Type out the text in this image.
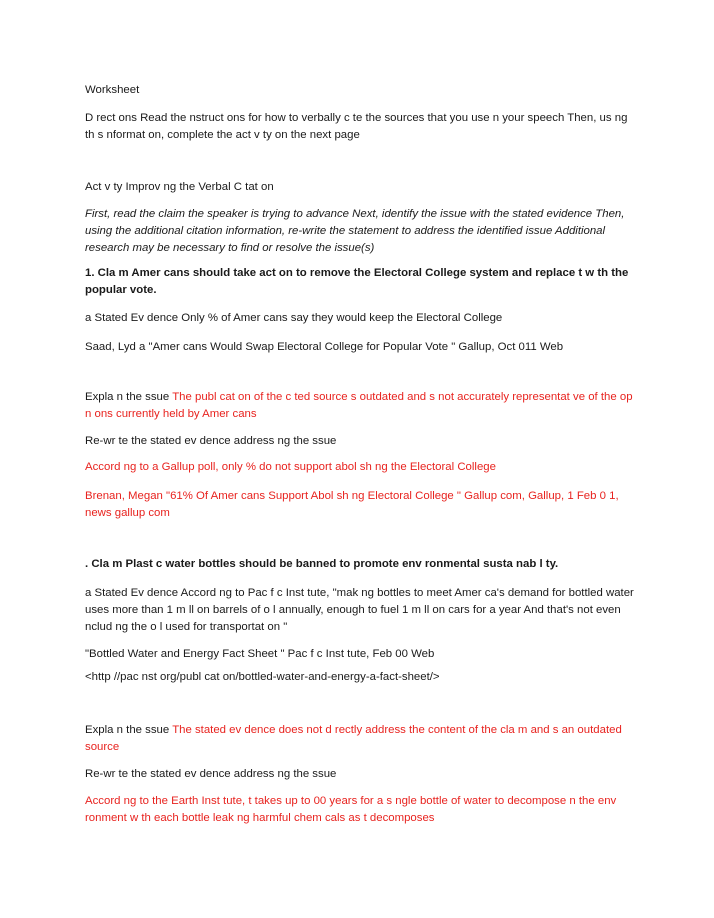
Worksheet
D rect ons Read the nstruct ons for how to verbally c te the sources that you use n your speech Then, us ng th s nformat on, complete the act v ty on the next page
Act v ty Improv ng the Verbal C tat on
First, read the claim the speaker is trying to advance Next, identify the issue with the stated evidence Then, using the additional citation information, re-write the statement to address the identified issue Additional research may be necessary to find or resolve the issue(s)
1. Cla m Amer cans should take act on to remove the Electoral College system and replace t w th the popular vote.
a Stated Ev dence Only % of Amer cans say they would keep the Electoral College
Saad, Lyd a "Amer cans Would Swap Electoral College for Popular Vote " Gallup, Oct 011 Web
Expla n the ssue The publ cat on of the c ted source s outdated and s not accurately representat ve of the op n ons currently held by Amer cans
Re-wr te the stated ev dence address ng the ssue
Accord ng to a Gallup poll, only % do not support abol sh ng the Electoral College
Brenan, Megan "61% Of Amer cans Support Abol sh ng Electoral College " Gallup com, Gallup, 1 Feb 0 1, news gallup com
. Cla m Plast c water bottles should be banned to promote env ronmental susta nab l ty.
a Stated Ev dence Accord ng to Pac f c Inst tute, "mak ng bottles to meet Amer ca's demand for bottled water uses more than 1 m ll on barrels of o l annually, enough to fuel 1 m ll on cars for a year And that's not even nclud ng the o l used for transportat on "
"Bottled Water and Energy Fact Sheet " Pac f c Inst tute, Feb 00 Web
<http //pac nst org/publ cat on/bottled-water-and-energy-a-fact-sheet/>
Expla n the ssue The stated ev dence does not d rectly address the content of the cla m and s an outdated source
Re-wr te the stated ev dence address ng the ssue
Accord ng to the Earth Inst tute, t takes up to 00 years for a s ngle bottle of water to decompose n the env ronment w th each bottle leak ng harmful chem cals as t decomposes
